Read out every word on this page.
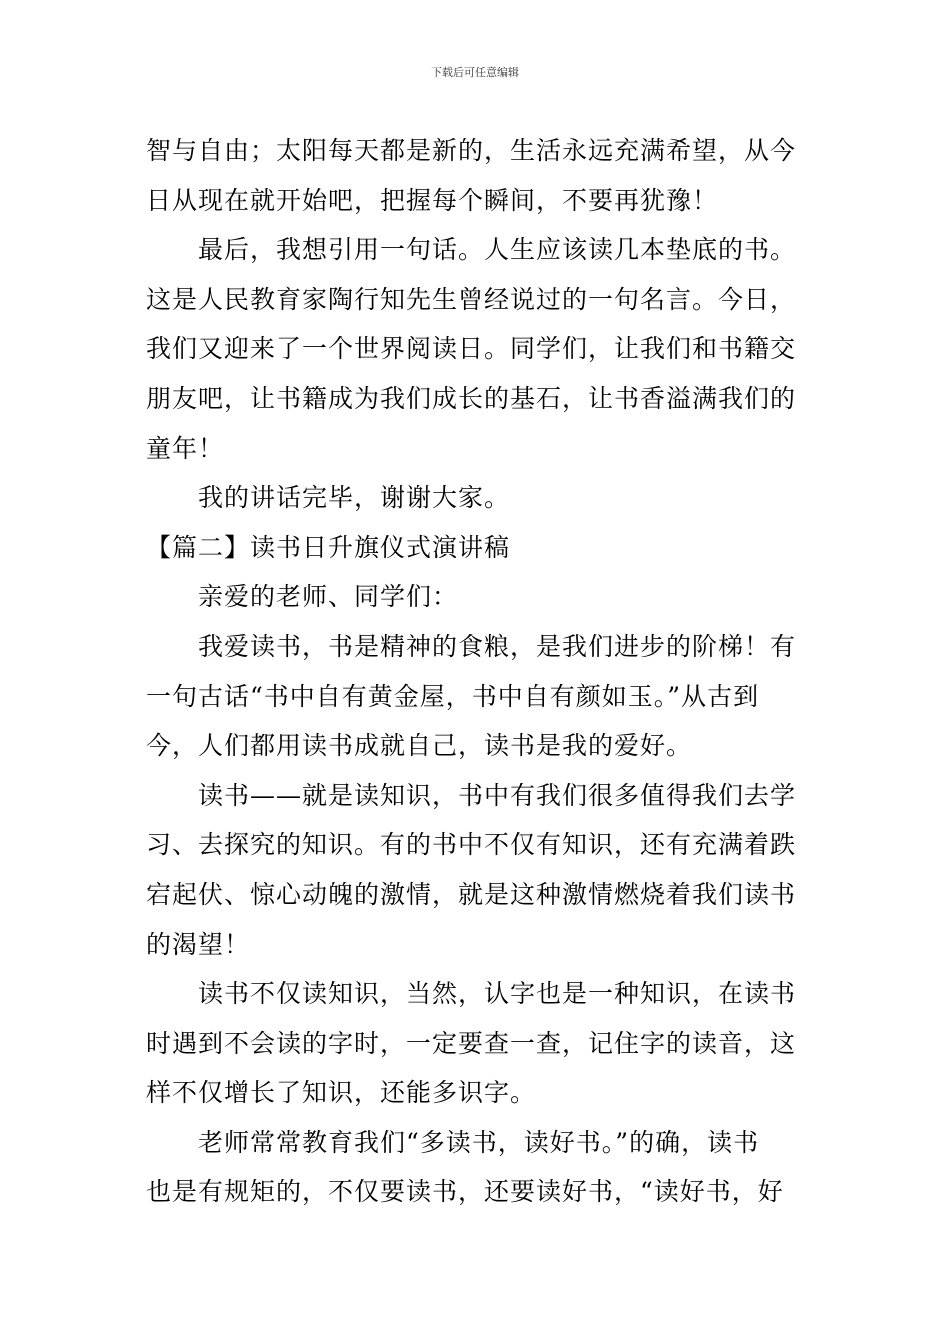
下载后可任意编辑
智与自由；太阳每天都是新的，生活永远充满希望，从今
日从现在就开始吧，把握每个瞬间，不要再犹豫！
最后，我想引用一句话。人生应该读几本垫底的书。
这是人民教育家陶行知先生曾经说过的一句名言。今日，
我们又迎来了一个世界阅读日。同学们，让我们和书籍交
朋友吧，让书籍成为我们成长的基石，让书香溢满我们的
童年！
我的讲话完毕，谢谢大家。
【篇二】读书日升旗仪式演讲稿
亲爱的老师、同学们：
我爱读书，书是精神的食粮，是我们进步的阶梯！有
一句古话“书中自有黄金屋，书中自有颜如玉。”从古到
今，人们都用读书成就自己，读书是我的爱好。
读书——就是读知识，书中有我们很多值得我们去学
习、去探究的知识。有的书中不仅有知识，还有充满着跌
宕起伏、惊心动魄的激情，就是这种激情燃烧着我们读书
的渴望！
读书不仅读知识，当然，认字也是一种知识，在读书
时遇到不会读的字时，一定要查一查，记住字的读音，这
样不仅增长了知识，还能多识字。
老师常常教育我们“多读书，读好书。”的确，读书
也是有规矩的，不仅要读书，还要读好书，“读好书，好
